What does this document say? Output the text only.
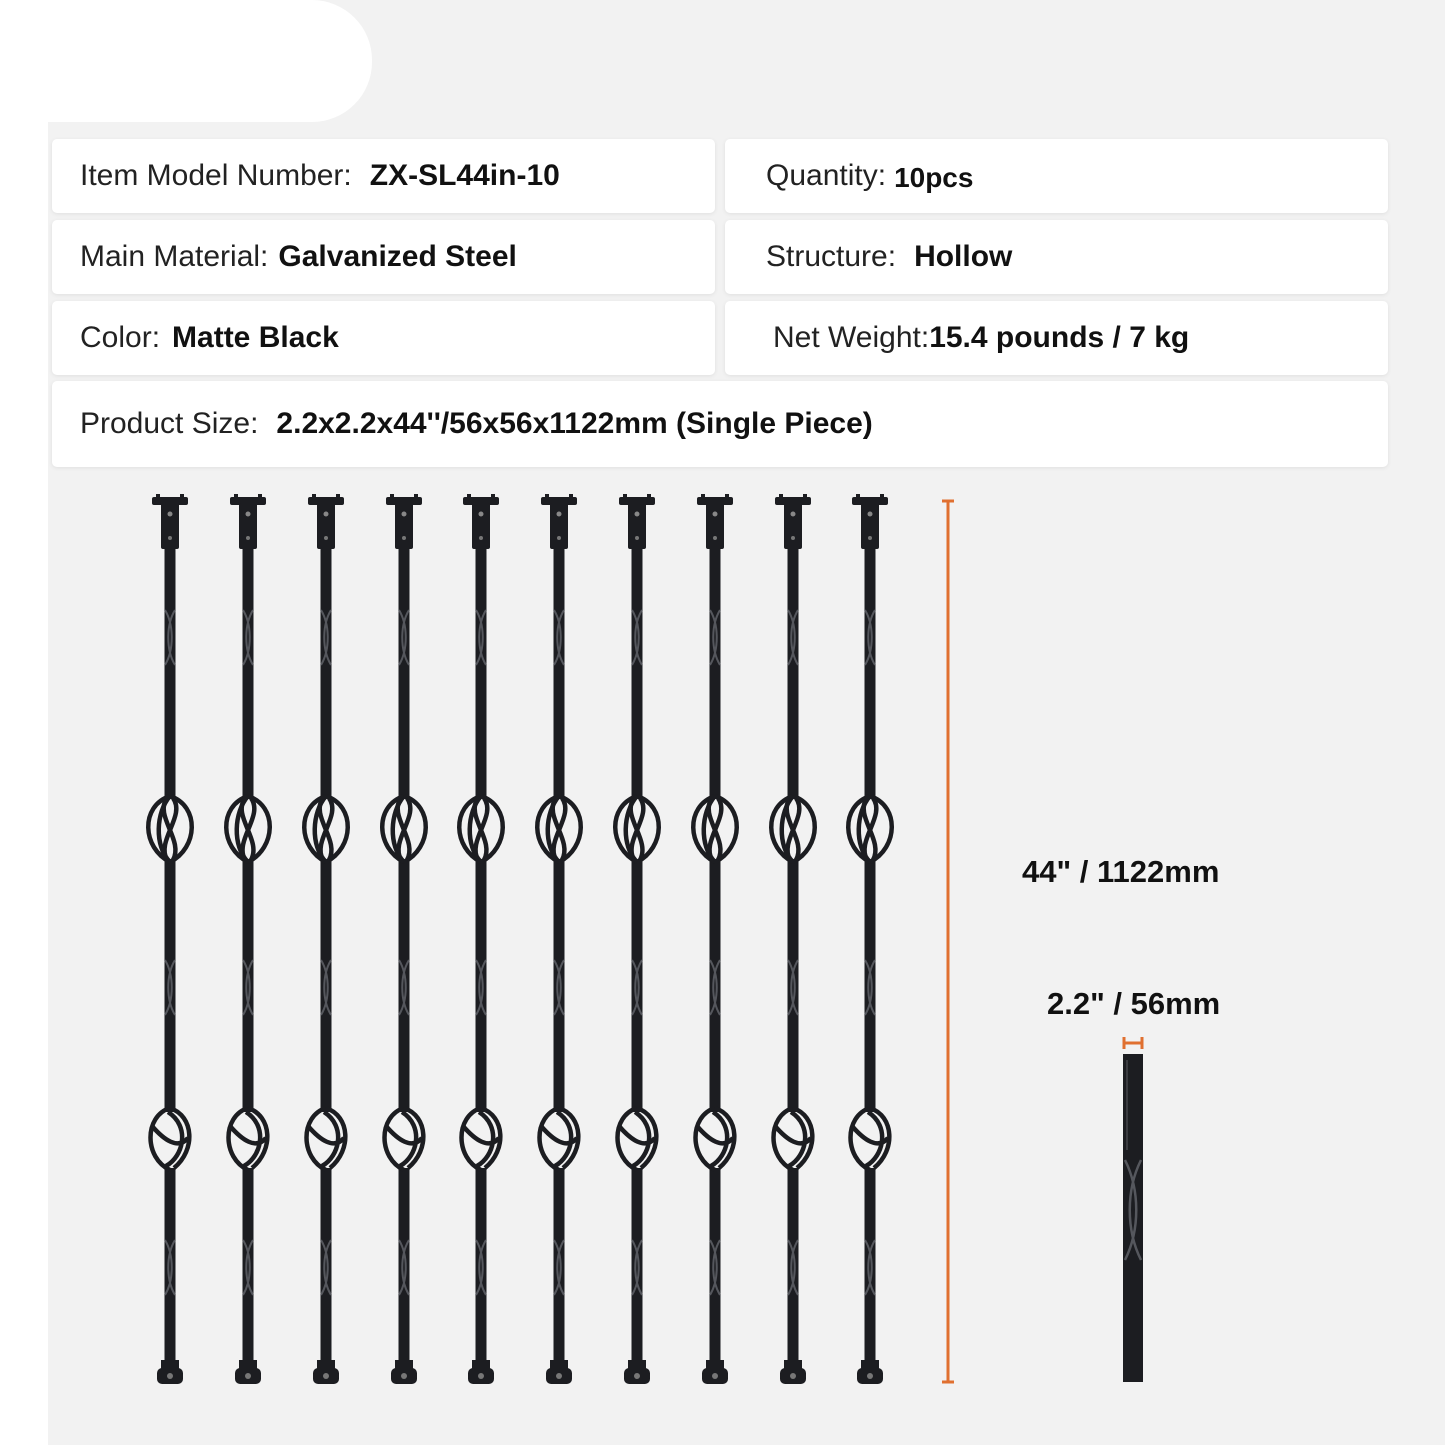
Item Model Number: ZX-SL44in-10	Quantity: 10pcs
Main Material: Galvanized Steel	Structure: Hollow
Color: Matte Black	Net Weight: 15.4 pounds / 7 kg
Product Size: 2.2x2.2x44''/56x56x1122mm (Single Piece)
44" / 1122mm
2.2" / 56mm
